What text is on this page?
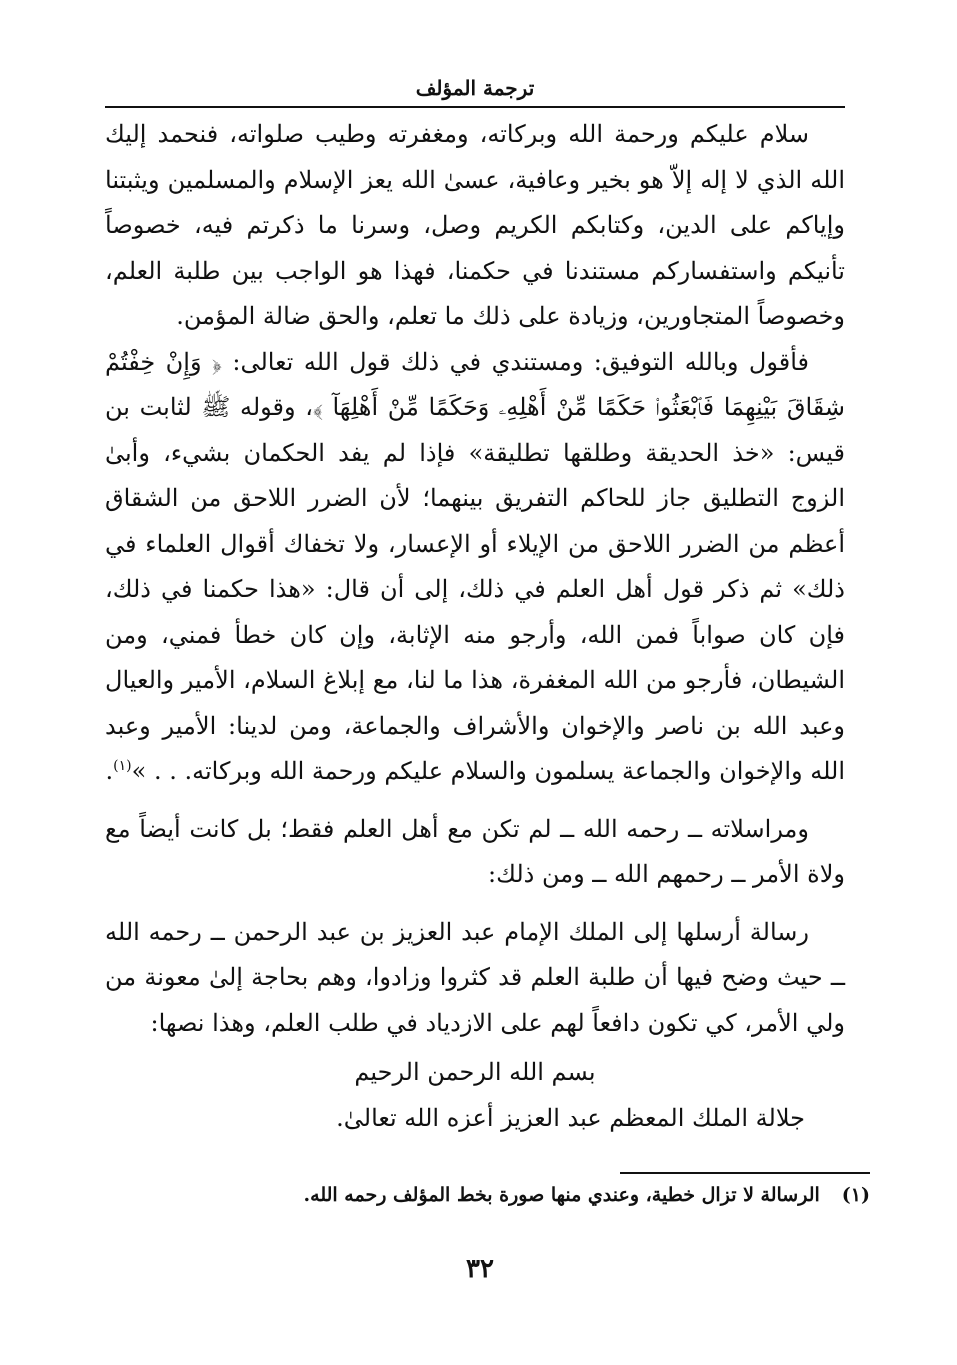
ترجمة المؤلف

سلام عليكم ورحمة الله وبركاته، ومغفرته وطيب صلواته، فنحمد إليك الله الذي لا إله إلاّ هو بخير وعافية، عسىٰ الله يعز الإسلام والمسلمين ويثبتنا وإياكم على الدين، وكتابكم الكريم وصل، وسرنا ما ذكرتم فيه، خصوصاً تأنيكم واستفساركم مستندنا في حكمنا، فهذا هو الواجب بين طلبة العلم، وخصوصاً المتجاورين، وزيادة على ذلك ما تعلم، والحق ضالة المؤمن.

فأقول وبالله التوفيق: ومستندي في ذلك قول الله تعالى: ﴿ وَإِنْ خِفْتُمْ شِقَاقَ بَيْنِهِمَا فَٱبْعَثُوا۟ حَكَمًا مِّنْ أَهْلِهِۦ وَحَكَمًا مِّنْ أَهْلِهَآ ﴾، وقوله ﷺ لثابت بن قيس: «خذ الحديقة وطلقها تطليقة» فإذا لم يفد الحكمان بشيء، وأبىٰ الزوج التطليق جاز للحاكم التفريق بينهما؛ لأن الضرر اللاحق من الشقاق أعظم من الضرر اللاحق من الإيلاء أو الإعسار، ولا تخفاك أقوال العلماء في ذلك» ثم ذكر قول أهل العلم في ذلك، إلى أن قال: «هذا حكمنا في ذلك، فإن كان صواباً فمن الله، وأرجو منه الإثابة، وإن كان خطأ فمني، ومن الشيطان، فأرجو من الله المغفرة، هذا ما لنا، مع إبلاغ السلام، الأمير والعيال وعبد الله بن ناصر والإخوان والأشراف والجماعة، ومن لدينا: الأمير وعبد الله والإخوان والجماعة يسلمون والسلام عليكم ورحمة الله وبركاته. . . »$^{(١)}$.

ومراسلاته ــ رحمه الله ــ لم تكن مع أهل العلم فقط؛ بل كانت أيضاً مع ولاة الأمر ــ رحمهم الله ــ ومن ذلك:

رسالة أرسلها إلى الملك الإمام عبد العزيز بن عبد الرحمن ــ رحمه الله ــ حيث وضح فيها أن طلبة العلم قد كثروا وزادوا، وهم بحاجة إلىٰ معونة من ولي الأمر، كي تكون دافعاً لهم على الازدياد في طلب العلم، وهذا نصها:

بسم الله الرحمن الرحيم

جلالة الملك المعظم عبد العزيز أعزه الله تعالىٰ.

(١)الرسالة لا تزال خطية، وعندي منها صورة بخط المؤلف رحمه الله.
٣٢
